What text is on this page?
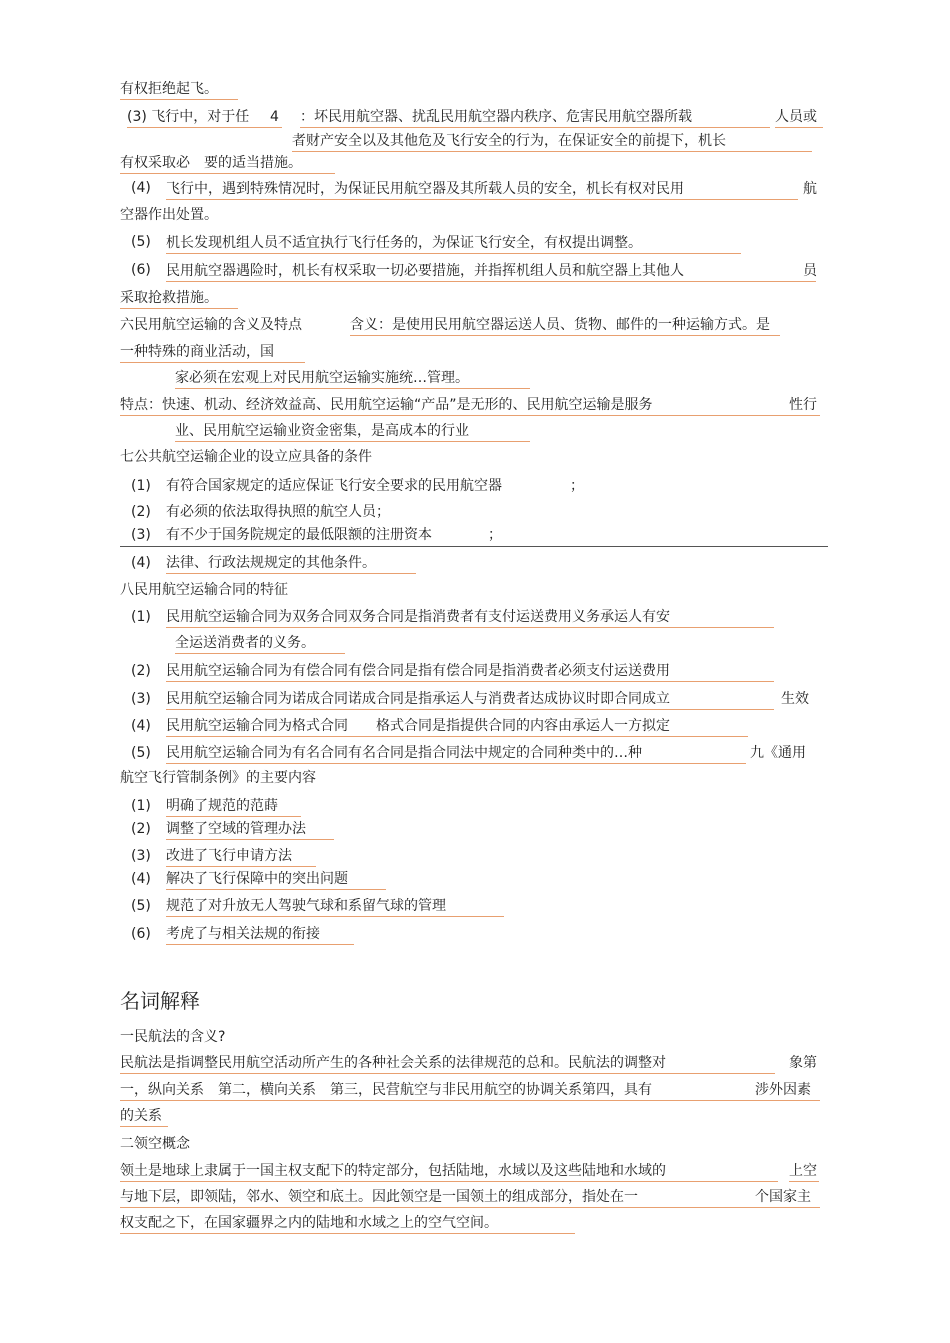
有权拒绝起飞。
(3) 飞行中，对于任	4 ：坏民用航空器、扰乱民用航空器内秩序、危害民用航空器所载	人员或
者财产安全以及其他危及飞行安全的行为，在保证安全的前提下，机长
有权采取必　要的适当措施。
(4) 飞行中，遇到特殊情况时，为保证民用航空器及其所载人员的安全，机长有权对民用	航
空器作出处置。
(5) 机长发现机组人员不适宜执行飞行任务的，为保证飞行安全，有权提出调整。
(6) 民用航空器遇险时，机长有权采取一切必要措施，并指挥机组人员和航空器上其他人	员
采取抢救措施。
六民用航空运输的含义及特点	含义：是使用民用航空器运送人员、货物、邮件的一种运输方式。是
一种特殊的商业活动，国
家必须在宏观上对民用航空运输实施统…管理。
特点：快速、机动、经济效益高、民用航空运输“产品”是无形的、民用航空运输是服务	性行
业、民用航空运输业资金密集，是高成本的行业
七公共航空运输企业的设立应具备的条件
(1) 有符合国家规定的适应保证飞行安全要求的民用航空器	；
(2) 有必须的依法取得执照的航空人员；
(3) 有不少于国务院规定的最低限额的注册资本	；
(4) 法律、行政法规规定的其他条件。
八民用航空运输合同的特征
(1) 民用航空运输合同为双务合同双务合同是指消费者有支付运送费用义务承运人有安
全运送消费者的义务。
(2) 民用航空运输合同为有偿合同有偿合同是指有偿合同是指消费者必须支付运送费用
(3) 民用航空运输合同为诺成合同诺成合同是指承运人与消费者达成协议时即合同成立	生效
(4) 民用航空运输合同为格式合同　　格式合同是指提供合同的内容由承运人一方拟定
(5) 民用航空运输合同为有名合同有名合同是指合同法中规定的合同种类中的…种	九《通用
航空飞行管制条例》的主要内容
(1) 明确了规范的范蒔
(2) 调整了空域的管理办法
(3) 改进了飞行申请方法
(4) 解决了飞行保障中的突出问题
(5) 规范了对升放无人驾驶气球和系留气球的管理
(6) 考虎了与相关法规的衔接
名词解释
一民航法的含义?
民航法是指调整民用航空活动所产生的各种社会关系的法律规范的总和。民航法的调整对	象第
一，纵向关系　第二，横向关系　第三，民营航空与非民用航空的协调关系第四，具有	涉外因素
的关系
二领空概念
领土是地球上隶属于一国主权支配下的特定部分，包括陆地，水域以及这些陆地和水域的	上空
与地下层，即领陆，邻水、领空和底土。因此领空是一国领土的组成部分，指处在一	个国家主
权支配之下，在国家疆界之内的陆地和水域之上的空气空间。
